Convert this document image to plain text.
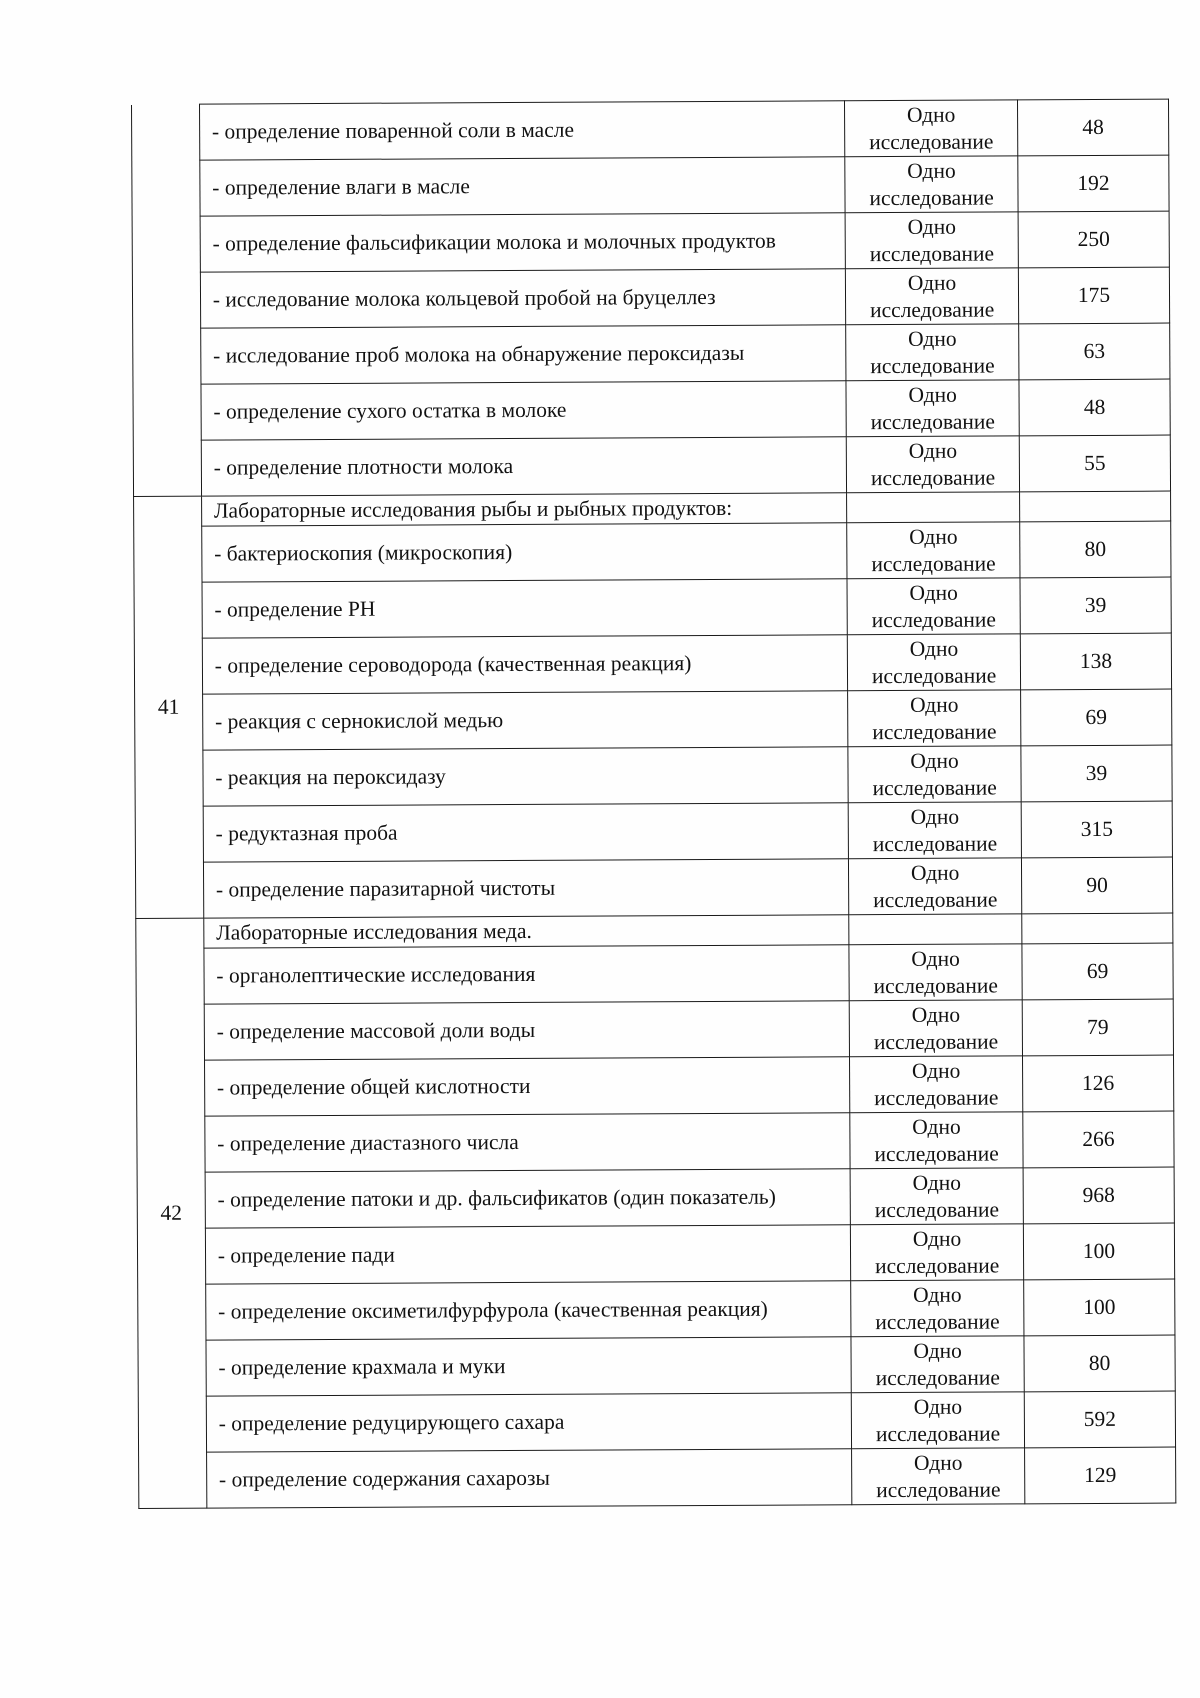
	- определение поваренной соли в масле	Одно
исследование	48
	- определение влаги в масле	Одно
исследование	192
	- определение фальсификации молока и молочных продуктов	Одно
исследование	250
	- исследование молока кольцевой пробой на бруцеллез	Одно
исследование	175
	- исследование проб молока на обнаружение пероксидазы	Одно
исследование	63
	- определение сухого остатка в молоке	Одно
исследование	48
	- определение плотности молока	Одно
исследование	55
41	Лабораторные исследования рыбы и рыбных продуктов:		
	- бактериоскопия (микроскопия)	Одно
исследование	80
	- определение РН	Одно
исследование	39
	- определение сероводорода (качественная реакция)	Одно
исследование	138
	- реакция с сернокислой медью	Одно
исследование	69
	- реакция на пероксидазу	Одно
исследование	39
	- редуктазная проба	Одно
исследование	315
	- определение паразитарной чистоты	Одно
исследование	90
42	Лабораторные исследования меда.		
	- органолептические исследования	Одно
исследование	69
	- определение массовой доли воды	Одно
исследование	79
	- определение общей кислотности	Одно
исследование	126
	- определение диастазного числа	Одно
исследование	266
	- определение патоки и др. фальсификатов (один показатель)	Одно
исследование	968
	- определение пади	Одно
исследование	100
	- определение оксиметилфурфурола (качественная реакция)	Одно
исследование	100
	- определение крахмала и муки	Одно
исследование	80
	- определение редуцирующего сахара	Одно
исследование	592
	- определение содержания сахарозы	Одно
исследование	129
